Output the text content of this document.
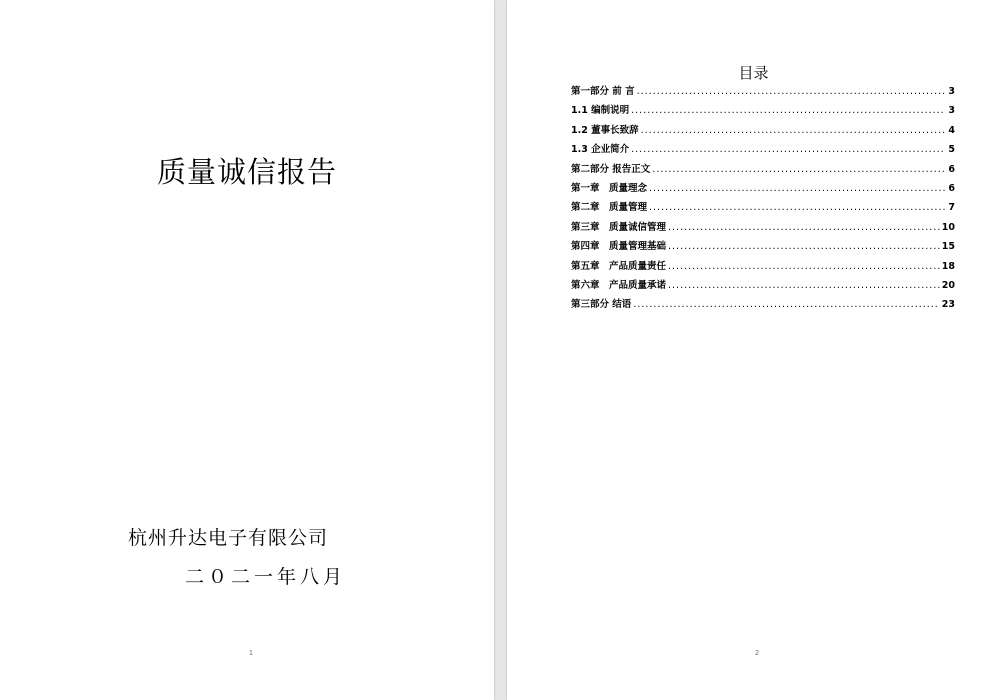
质量诚信报告
杭州升达电子有限公司
二０二一年八月
1
目录
第一部分 前 言 .....	3
1.1 编制说明 .....	3
1.2 董事长致辞 .....	4
1.3 企业简介 .....	5
第二部分 报告正文 .....	6
第一章　质量理念 .....	6
第二章　质量管理 .....	7
第三章　质量诚信管理 .....	10
第四章　质量管理基础 .....	15
第五章　产品质量责任 .....	18
第六章　产品质量承诺 .....	20
第三部分 结语 .....	23
2
